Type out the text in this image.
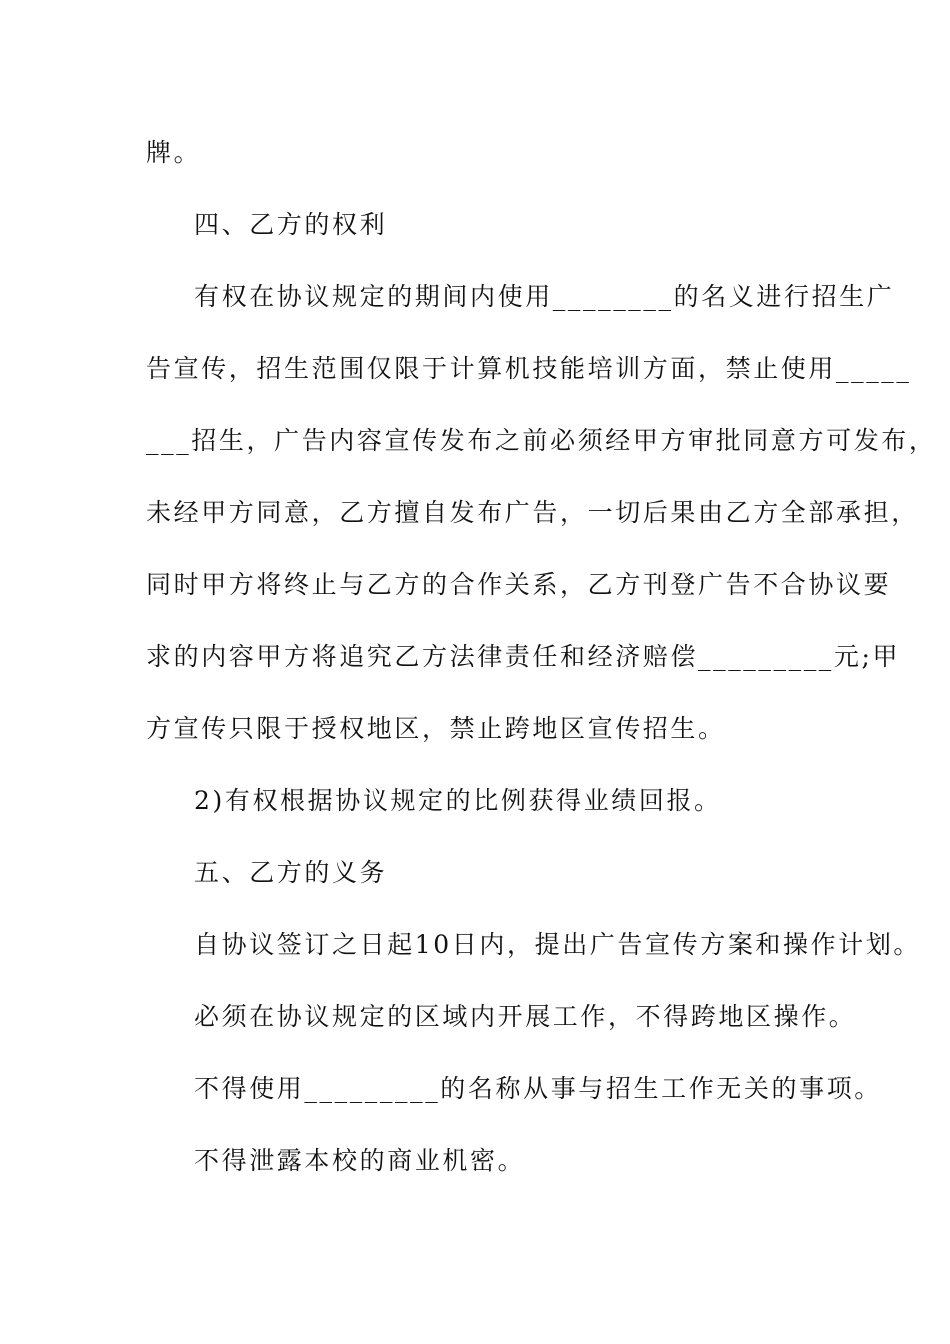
牌。
四、乙方的权利
有权在协议规定的期间内使用________的名义进行招生广
告宣传，招生范围仅限于计算机技能培训方面，禁止使用_____
___招生，广告内容宣传发布之前必须经甲方审批同意方可发布，
未经甲方同意，乙方擅自发布广告，一切后果由乙方全部承担，
同时甲方将终止与乙方的合作关系，乙方刊登广告不合协议要
求的内容甲方将追究乙方法律责任和经济赔偿_________元;甲
方宣传只限于授权地区，禁止跨地区宣传招生。
2)有权根据协议规定的比例获得业绩回报。
五、乙方的义务
自协议签订之日起10日内，提出广告宣传方案和操作计划。
必须在协议规定的区域内开展工作，不得跨地区操作。
不得使用_________的名称从事与招生工作无关的事项。
不得泄露本校的商业机密。
